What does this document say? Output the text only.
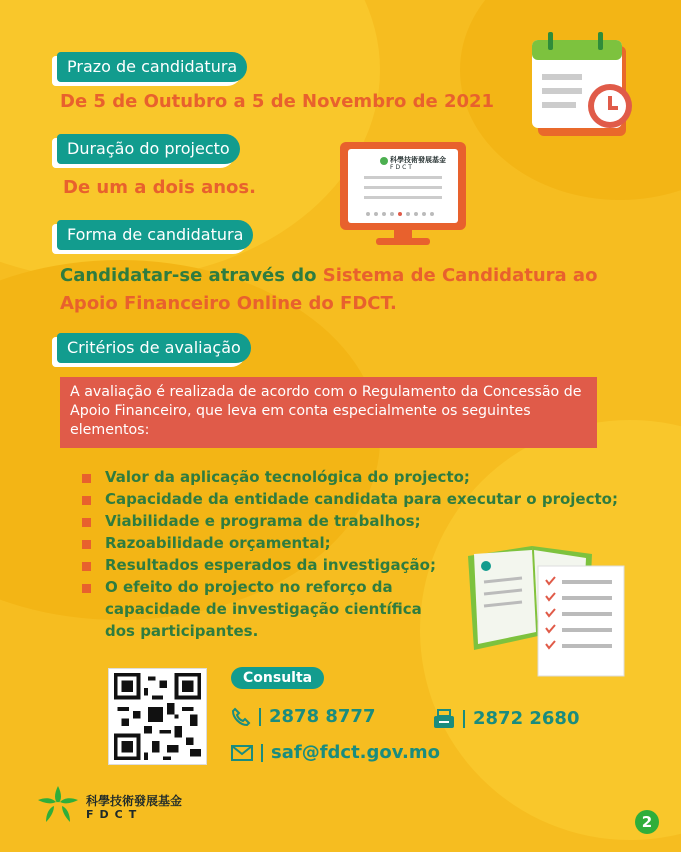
Prazo de candidatura
De 5 de Outubro a 5 de Novembro de 2021
Duração do projecto
De um a dois anos.
Forma de candidatura
Candidatar-se através do Sistema de Candidatura ao Apoio Financeiro Online do FDCT.
Critérios de avaliação
A avaliação é realizada de acordo com o Regulamento da Concessão de Apoio Financeiro, que leva em conta especialmente os seguintes elementos:
Valor da aplicação tecnológica do projecto;
Capacidade da entidade candidata para executar o projecto;
Viabilidade e programa de trabalhos;
Razoabilidade orçamental;
Resultados esperados da investigação;
O efeito do projecto no reforço da capacidade de investigação científica dos participantes.
科學技術發展基金
FDCT
Consulta
2878 8777	2872 2680
saf@fdct.gov.mo
科學技術發展基金
FDCT	2
